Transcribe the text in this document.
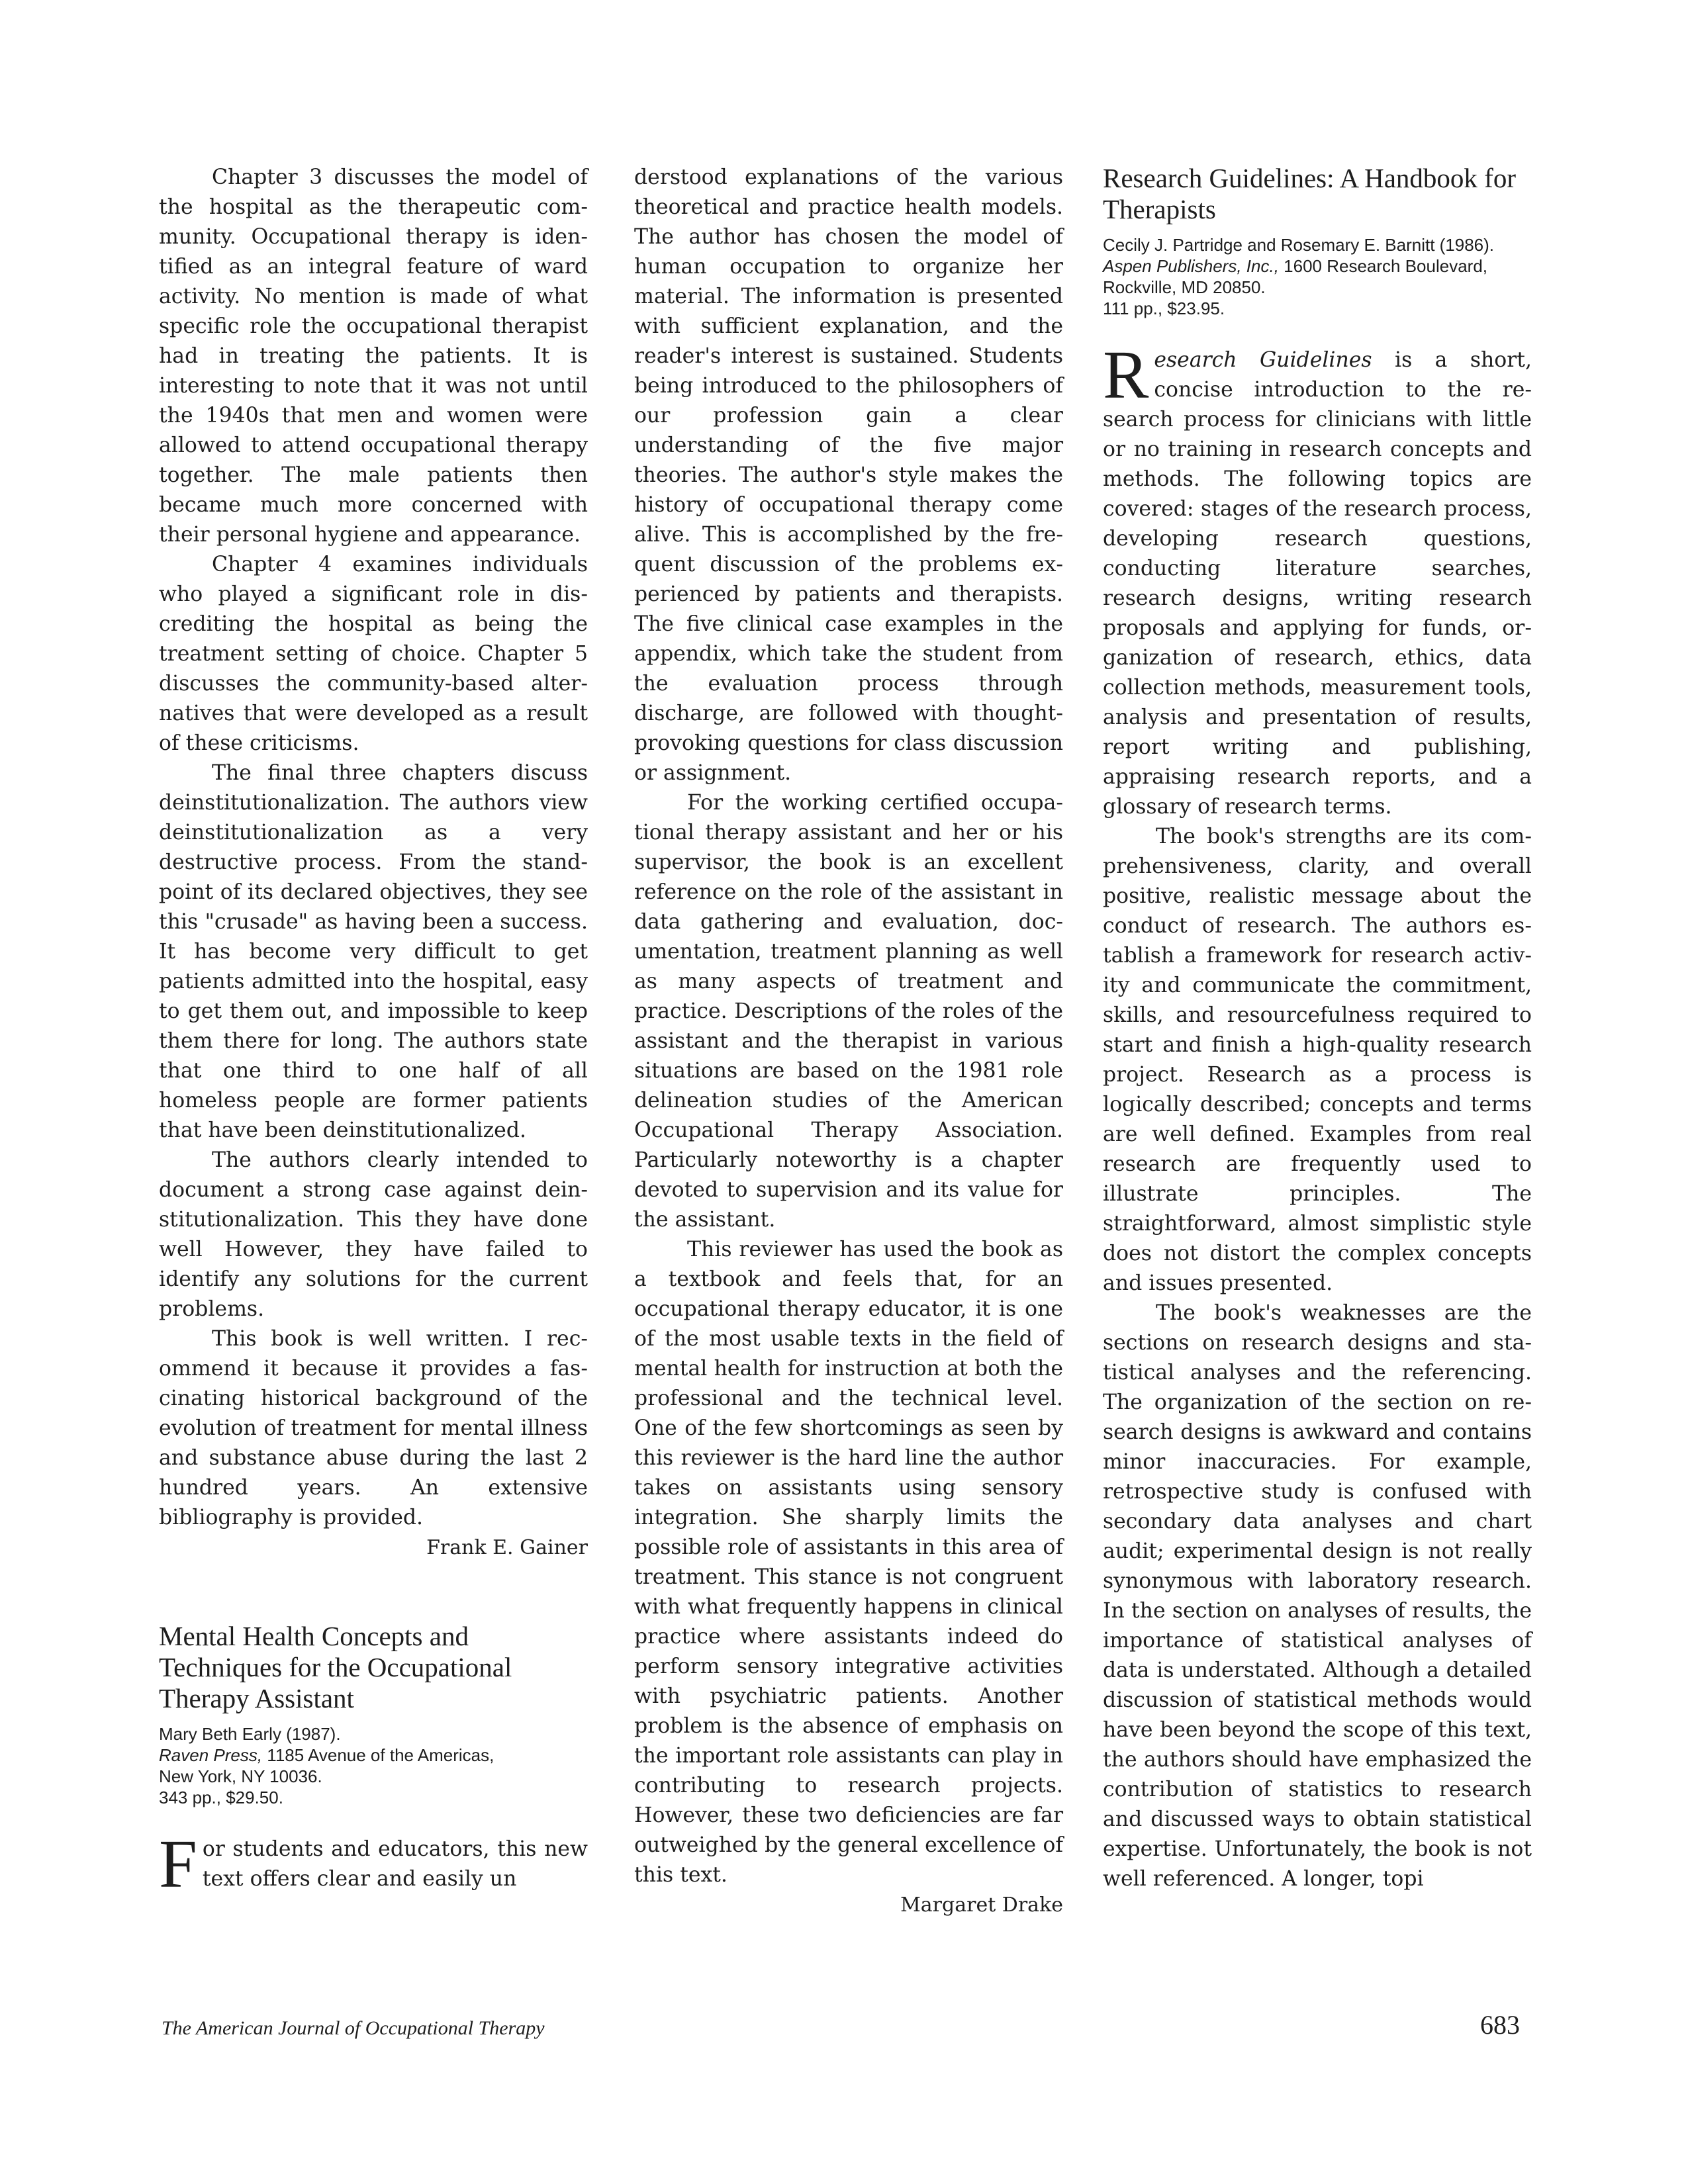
Chapter 3 discusses the model of the hospital as the therapeutic community. Occupational therapy is identified as an integral feature of ward activity. No mention is made of what specific role the occupational therapist had in treating the patients. It is interesting to note that it was not until the 1940s that men and women were allowed to attend occupational therapy together. The male patients then became much more concerned with their personal hygiene and appearance.

Chapter 4 examines individuals who played a significant role in discrediting the hospital as being the treatment setting of choice. Chapter 5 discusses the community-based alternatives that were developed as a result of these criticisms.

The final three chapters discuss deinstitutionalization. The authors view deinstitutionalization as a very destructive process. From the standpoint of its declared objectives, they see this "crusade" as having been a success. It has become very difficult to get patients admitted into the hospital, easy to get them out, and impossible to keep them there for long. The authors state that one third to one half of all homeless people are former patients that have been deinstitutionalized.

The authors clearly intended to document a strong case against deinstitutionalization. This they have done well However, they have failed to identify any solutions for the current problems.

This book is well written. I recommend it because it provides a fascinating historical background of the evolution of treatment for mental illness and substance abuse during the last 2 hundred years. An extensive bibliography is provided.

Frank E. Gainer
Mental Health Concepts and Techniques for the Occupational Therapy Assistant
Mary Beth Early (1987).
Raven Press, 1185 Avenue of the Americas,
New York, NY 10036.
343 pp., $29.50.

For students and educators, this new text offers clear and easily un

derstood explanations of the various theoretical and practice health models. The author has chosen the model of human occupation to organize her material. The information is presented with sufficient explanation, and the reader's interest is sustained. Students being introduced to the philosophers of our profession gain a clear understanding of the five major theories. The author's style makes the history of occupational therapy come alive. This is accomplished by the frequent discussion of the problems experienced by patients and therapists. The five clinical case examples in the appendix, which take the student from the evaluation process through discharge, are followed with thought-provoking questions for class discussion or assignment.

For the working certified occupational therapy assistant and her or his supervisor, the book is an excellent reference on the role of the assistant in data gathering and evaluation, documentation, treatment planning as well as many aspects of treatment and practice. Descriptions of the roles of the assistant and the therapist in various situations are based on the 1981 role delineation studies of the American Occupational Therapy Association. Particularly noteworthy is a chapter devoted to supervision and its value for the assistant.

This reviewer has used the book as a textbook and feels that, for an occupational therapy educator, it is one of the most usable texts in the field of mental health for instruction at both the professional and the technical level. One of the few shortcomings as seen by this reviewer is the hard line the author takes on assistants using sensory integration. She sharply limits the possible role of assistants in this area of treatment. This stance is not congruent with what frequently happens in clinical practice where assistants indeed do perform sensory integrative activities with psychiatric patients. Another problem is the absence of emphasis on the important role assistants can play in contributing to research projects. However, these two deficiencies are far outweighed by the general excellence of this text.

Margaret Drake
Research Guidelines: A Handbook for Therapists
Cecily J. Partridge and Rosemary E. Barnitt (1986).
Aspen Publishers, Inc., 1600 Research Boulevard, Rockville, MD 20850.
111 pp., $23.95.

Research Guidelines is a short, concise introduction to the research process for clinicians with little or no training in research concepts and methods. The following topics are covered: stages of the research process, developing research questions, conducting literature searches, research designs, writing research proposals and applying for funds, organization of research, ethics, data collection methods, measurement tools, analysis and presentation of results, report writing and publishing, appraising research reports, and a glossary of research terms.

The book's strengths are its comprehensiveness, clarity, and overall positive, realistic message about the conduct of research. The authors establish a framework for research activity and communicate the commitment, skills, and resourcefulness required to start and finish a high-quality research project. Research as a process is logically described; concepts and terms are well defined. Examples from real research are frequently used to illustrate principles. The straightforward, almost simplistic style does not distort the complex concepts and issues presented.

The book's weaknesses are the sections on research designs and statistical analyses and the referencing. The organization of the section on research designs is awkward and contains minor inaccuracies. For example, retrospective study is confused with secondary data analyses and chart audit; experimental design is not really synonymous with laboratory research. In the section on analyses of results, the importance of statistical analyses of data is understated. Although a detailed discussion of statistical methods would have been beyond the scope of this text, the authors should have emphasized the contribution of statistics to research and discussed ways to obtain statistical expertise. Unfortunately, the book is not well referenced. A longer, topi

The American Journal of Occupational Therapy	683
